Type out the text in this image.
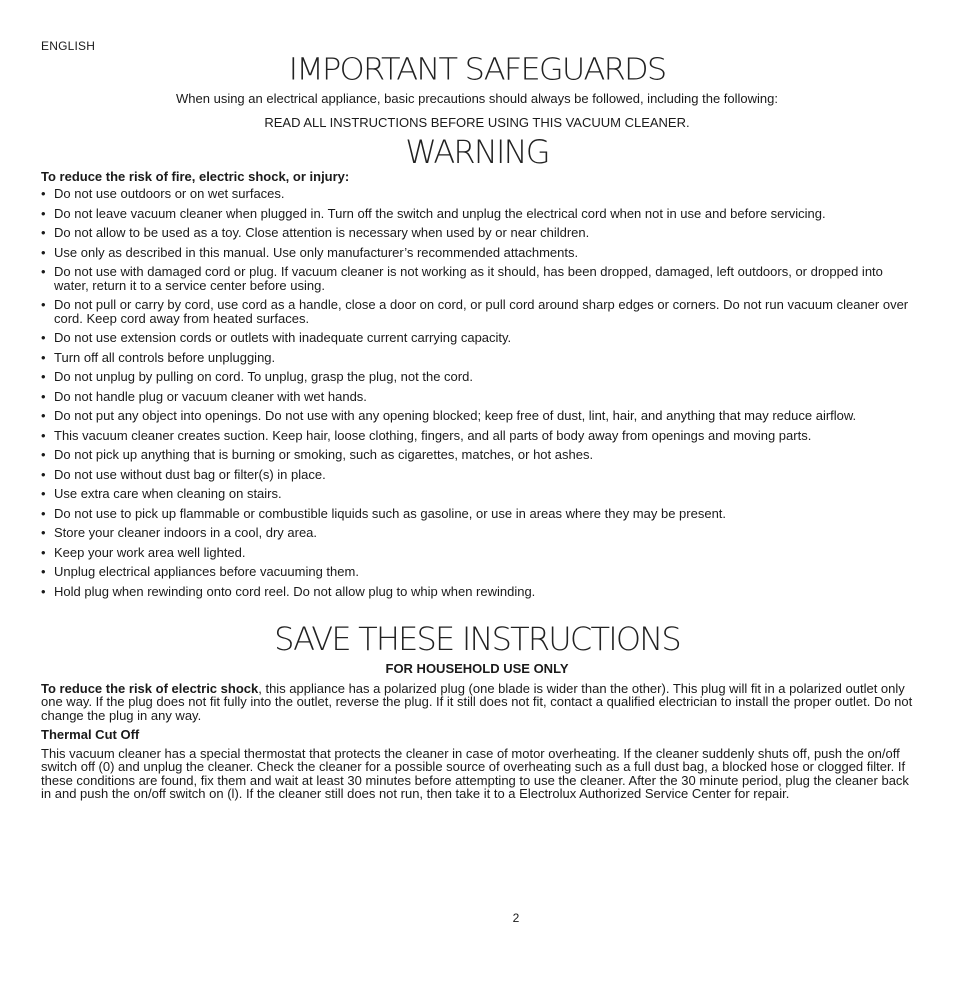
ENGLISH
IMPORTANT SAFEGUARDS
When using an electrical appliance, basic precautions should always be followed, including the following:
READ ALL INSTRUCTIONS BEFORE USING THIS VACUUM CLEANER.
WARNING
To reduce the risk of fire, electric shock, or injury:
• Do not use outdoors or on wet surfaces.
• Do not leave vacuum cleaner when plugged in. Turn off the switch and unplug the electrical cord when not in use and before servicing.
• Do not allow to be used as a toy. Close attention is necessary when used by or near children.
• Use only as described in this manual. Use only manufacturer’s recommended attachments.
• Do not use with damaged cord or plug. If vacuum cleaner is not working as it should, has been dropped, damaged, left outdoors, or dropped into water, return it to a service center before using.
• Do not pull or carry by cord, use cord as a handle, close a door on cord, or pull cord around sharp edges or corners. Do not run vacuum cleaner over cord. Keep cord away from heated surfaces.
• Do not use extension cords or outlets with inadequate current carrying capacity.
• Turn off all controls before unplugging.
• Do not unplug by pulling on cord. To unplug, grasp the plug, not the cord.
• Do not handle plug or vacuum cleaner with wet hands.
• Do not put any object into openings. Do not use with any opening blocked; keep free of dust, lint, hair, and anything that may reduce airflow.
• This vacuum cleaner creates suction. Keep hair, loose clothing, fingers, and all parts of body away from openings and moving parts.
• Do not pick up anything that is burning or smoking, such as cigarettes, matches, or hot ashes.
• Do not use without dust bag or filter(s) in place.
• Use extra care when cleaning on stairs.
• Do not use to pick up flammable or combustible liquids such as gasoline, or use in areas where they may be present.
• Store your cleaner indoors in a cool, dry area.
• Keep your work area well lighted.
• Unplug electrical appliances before vacuuming them.
• Hold plug when rewinding onto cord reel. Do not allow plug to whip when rewinding.
SAVE THESE INSTRUCTIONS
FOR HOUSEHOLD USE ONLY

To reduce the risk of electric shock, this appliance has a polarized plug (one blade is wider than the other). This plug will fit in a polarized outlet only one way. If the plug does not fit fully into the outlet, reverse the plug. If it still does not fit, contact a qualified electrician to install the proper outlet. Do not change the plug in any way.

Thermal Cut Off

This vacuum cleaner has a special thermostat that protects the cleaner in case of motor overheating. If the cleaner suddenly shuts off, push the on/off switch off (0) and unplug the cleaner. Check the cleaner for a possible source of overheating such as a full dust bag, a blocked hose or clogged filter. If these conditions are found, fix them and wait at least 30 minutes before attempting to use the cleaner. After the 30 minute period, plug the cleaner back in and push the on/off switch on (l). If the cleaner still does not run, then take it to a Electrolux Authorized Service Center for repair.

2
